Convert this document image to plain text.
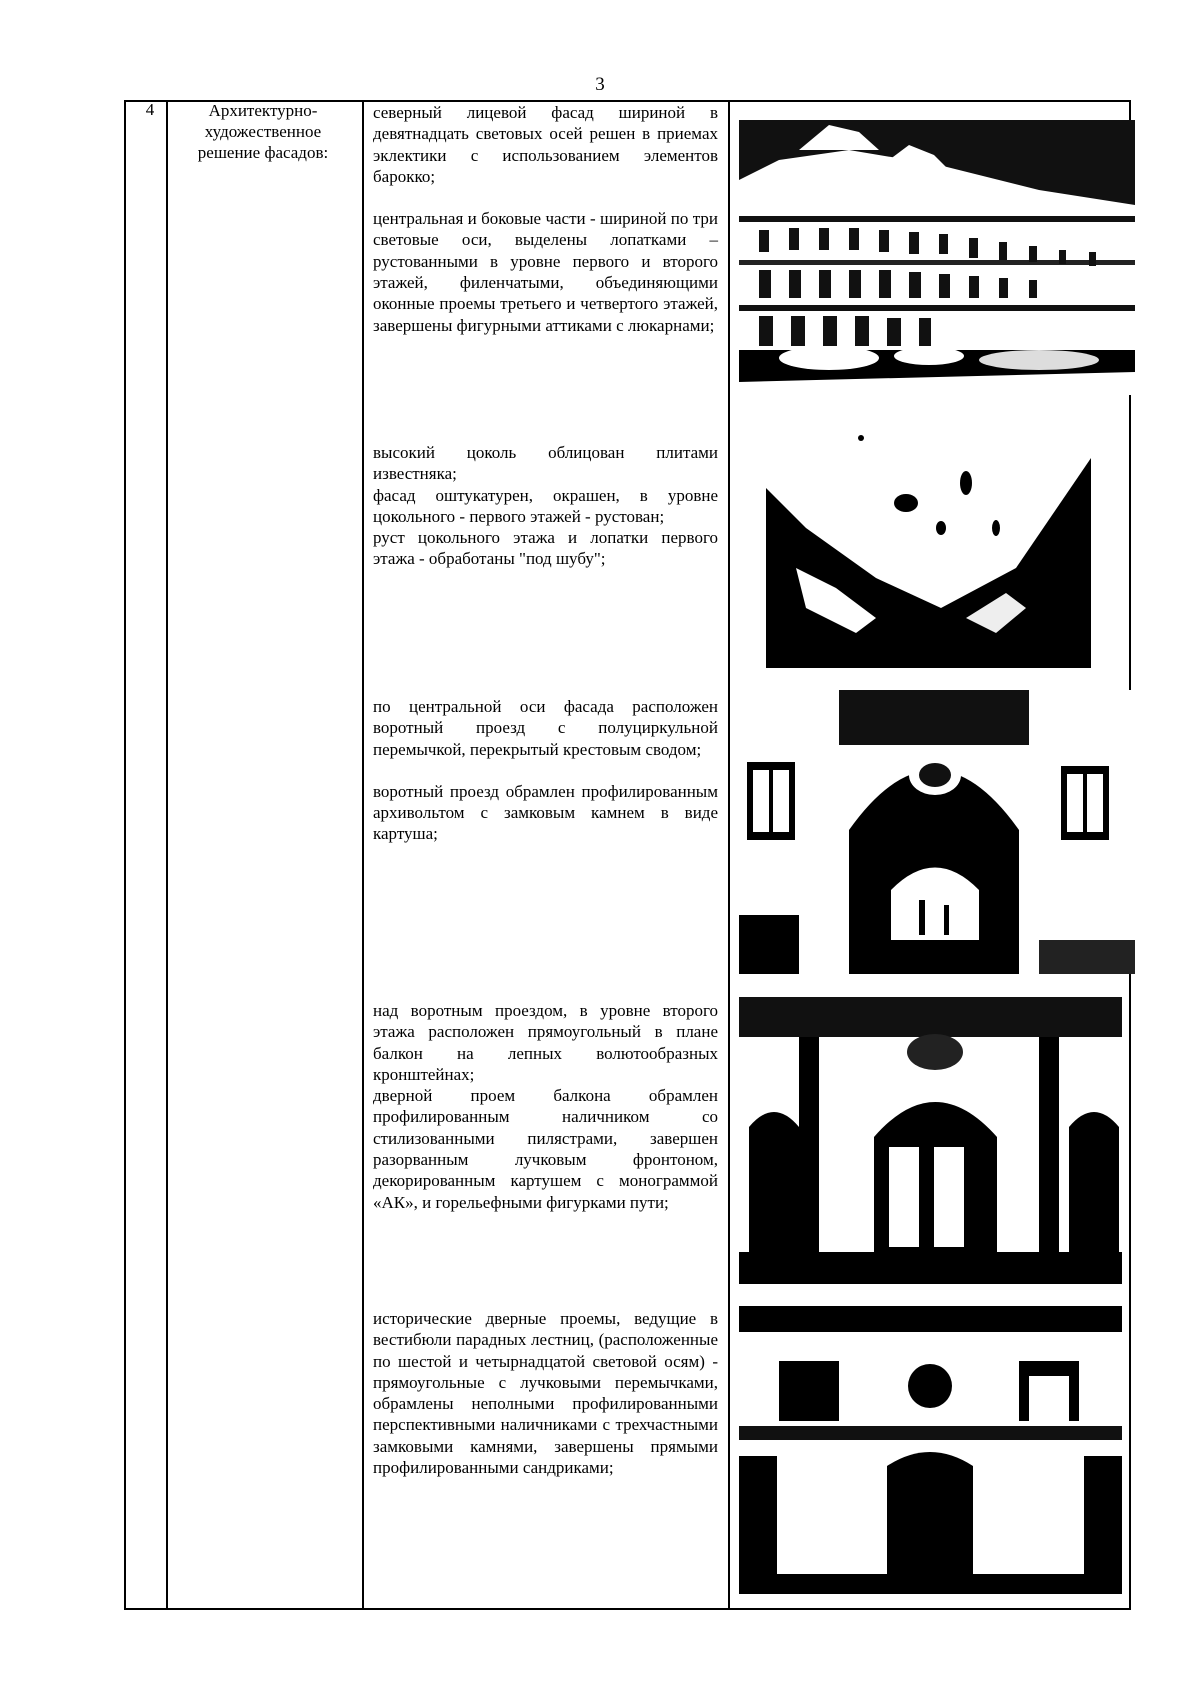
3
4	Архитектурно-
художественное
решение фасадов:

северный лицевой фасад шириной в девятнадцать световых осей решен в приемах эклектики с использованием элементов барокко;

центральная и боковые части - шириной по три световые оси, выделены лопатками – рустованными в уровне первого и второго этажей, филенчатыми, объединяющими оконные проемы третьего и четвертого этажей, завершены фигурными аттиками с люкарнами;

высокий цоколь облицован плитами известняка;

фасад оштукатурен, окрашен, в уровне цокольного - первого этажей - рустован;

руст цокольного этажа и лопатки первого этажа - обработаны "под шубу";

по центральной оси фасада расположен воротный проезд с полуциркульной перемычкой, перекрытый крестовым сводом;

воротный проезд обрамлен профилированным архивольтом с замковым камнем в виде картуша;

над воротным проездом, в уровне второго этажа расположен прямоугольный в плане балкон на лепных волютообразных кронштейнах;

дверной проем балкона обрамлен профилированным наличником со стилизованными пилястрами, завершен разорванным лучковым фронтоном, декорированным картушем с монограммой «АК», и горельефными фигурками пути;

исторические дверные проемы, ведущие в вестибюли парадных лестниц, (расположенные по шестой и четырнадцатой световой осям) - прямоугольные с лучковыми перемычками, обрамлены неполными профилированными перспективными наличниками с трехчастными замковыми камнями, завершены прямыми профилированными сандриками;
